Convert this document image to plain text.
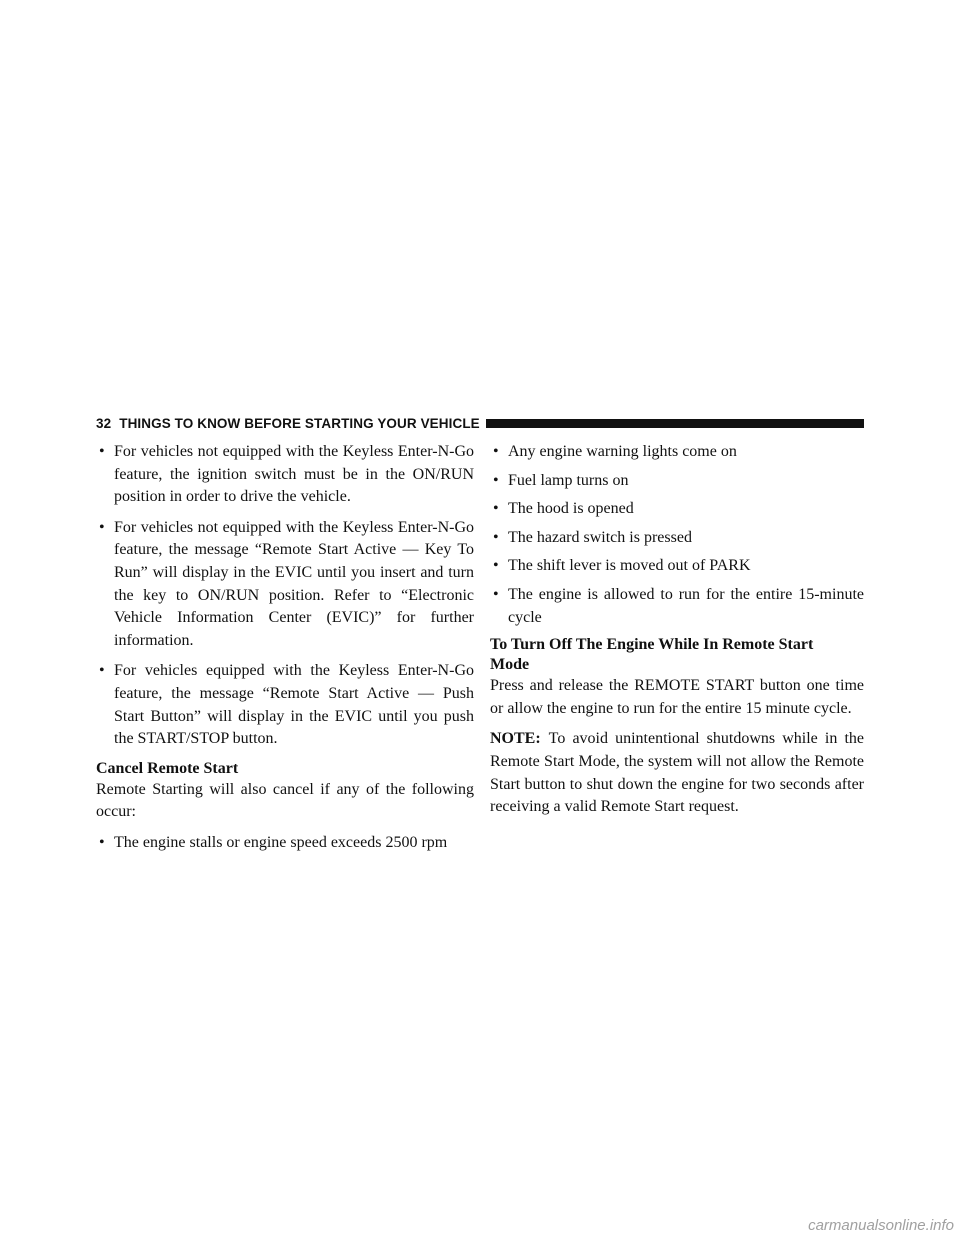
32 THINGS TO KNOW BEFORE STARTING YOUR VEHICLE
• For vehicles not equipped with the Keyless Enter-N-Go feature, the ignition switch must be in the ON/RUN position in order to drive the vehicle.
• For vehicles not equipped with the Keyless Enter-N-Go feature, the message “Remote Start Active — Key To Run” will display in the EVIC until you insert and turn the key to ON/RUN position. Refer to “Electronic Vehicle Information Center (EVIC)” for further information.
• For vehicles equipped with the Keyless Enter-N-Go feature, the message “Remote Start Active — Push Start Button” will display in the EVIC until you push the START/STOP button.
Cancel Remote Start
Remote Starting will also cancel if any of the following occur:
• The engine stalls or engine speed exceeds 2500 rpm
• Any engine warning lights come on
• Fuel lamp turns on
• The hood is opened
• The hazard switch is pressed
• The shift lever is moved out of PARK
• The engine is allowed to run for the entire 15-minute cycle
To Turn Off The Engine While In Remote Start
Mode
Press and release the REMOTE START button one time or allow the engine to run for the entire 15 minute cycle.
NOTE: To avoid unintentional shutdowns while in the Remote Start Mode, the system will not allow the Remote Start button to shut down the engine for two seconds after receiving a valid Remote Start request.
carmanualsonline.info
